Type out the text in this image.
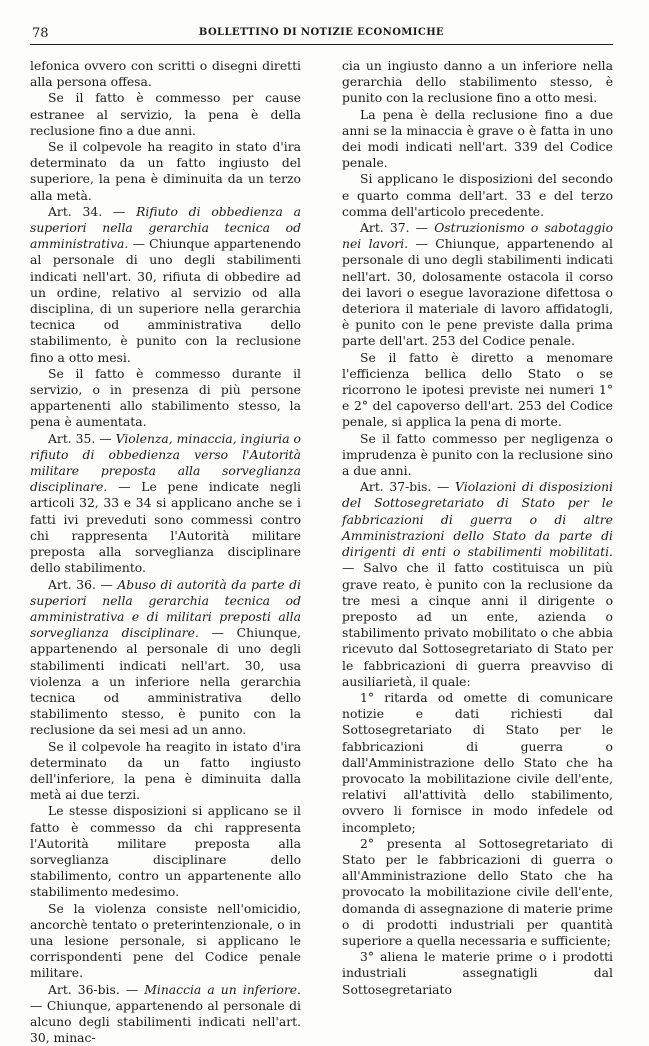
78	BOLLETTINO DI NOTIZIE ECONOMICHE

lefonica ovvero con scritti o disegni diretti alla persona offesa.

Se il fatto è commesso per cause estranee al servizio, la pena è della reclusione fino a due anni.

Se il colpevole ha reagito in stato d'ira determinato da un fatto ingiusto del superiore, la pena è diminuita da un terzo alla metà.

Art. 34. — Rifiuto di obbedienza a superiori nella gerarchia tecnica od amministrativa. — Chiunque appartenendo al personale di uno degli stabilimenti indicati nell'art. 30, rifiuta di obbedire ad un ordine, relativo al servizio od alla disciplina, di un superiore nella gerarchia tecnica od amministrativa dello stabilimento, è punito con la reclusione fino a otto mesi.

Se il fatto è commesso durante il servizio, o in presenza di più persone appartenenti allo stabilimento stesso, la pena è aumentata.

Art. 35. — Violenza, minaccia, ingiuria o rifiuto di obbedienza verso l'Autorità militare preposta alla sorveglianza disciplinare. — Le pene indicate negli articoli 32, 33 e 34 si applicano anche se i fatti ivi preveduti sono commessi contro chi rappresenta l'Autorità militare preposta alla sorveglianza disciplinare dello stabilimento.

Art. 36. — Abuso di autorità da parte di superiori nella gerarchia tecnica od amministrativa e di militari preposti alla sorveglianza disciplinare. — Chiunque, appartenendo al personale di uno degli stabilimenti indicati nell'art. 30, usa violenza a un inferiore nella gerarchia tecnica od amministrativa dello stabilimento stesso, è punito con la reclusione da sei mesi ad un anno.

Se il colpevole ha reagito in istato d'ira determinato da un fatto ingiusto dell'inferiore, la pena è diminuita dalla metà ai due terzi.

Le stesse disposizioni si applicano se il fatto è commesso da chi rappresenta l'Autorità militare preposta alla sorveglianza disciplinare dello stabilimento, contro un appartenente allo stabilimento medesimo.

Se la violenza consiste nell'omicidio, ancorchè tentato o preterintenzionale, o in una lesione personale, si applicano le corrispondenti pene del Codice penale militare.

Art. 36-bis. — Minaccia a un inferiore. — Chiunque, appartenendo al personale di alcuno degli stabilimenti indicati nell'art. 30, minac-

cia un ingiusto danno a un inferiore nella gerarchia dello stabilimento stesso, è punito con la reclusione fino a otto mesi.

La pena è della reclusione fino a due anni se la minaccia è grave o è fatta in uno dei modi indicati nell'art. 339 del Codice penale.

Si applicano le disposizioni del secondo e quarto comma dell'art. 33 e del terzo comma dell'articolo precedente.

Art. 37. — Ostruzionismo o sabotaggio nei lavori. — Chiunque, appartenendo al personale di uno degli stabilimenti indicati nell'art. 30, dolosamente ostacola il corso dei lavori o esegue lavorazione difettosa o deteriora il materiale di lavoro affidatogli, è punito con le pene previste dalla prima parte dell'art. 253 del Codice penale.

Se il fatto è diretto a menomare l'efficienza bellica dello Stato o se ricorrono le ipotesi previste nei numeri 1° e 2° del capoverso dell'art. 253 del Codice penale, si applica la pena di morte.

Se il fatto commesso per negligenza o imprudenza è punito con la reclusione sino a due anni.

Art. 37-bis. — Violazioni di disposizioni del Sottosegretariato di Stato per le fabbricazioni di guerra o di altre Amministrazioni dello Stato da parte di dirigenti di enti o stabilimenti mobilitati. — Salvo che il fatto costituisca un più grave reato, è punito con la reclusione da tre mesi a cinque anni il dirigente o preposto ad un ente, azienda o stabilimento privato mobilitato o che abbia ricevuto dal Sottosegretariato di Stato per le fabbricazioni di guerra preavviso di ausiliarietà, il quale:

1° ritarda od omette di comunicare notizie e dati richiesti dal Sottosegretariato di Stato per le fabbricazioni di guerra o dall'Amministrazione dello Stato che ha provocato la mobilitazione civile dell'ente, relativi all'attività dello stabilimento, ovvero li fornisce in modo infedele od incompleto;

2° presenta al Sottosegretariato di Stato per le fabbricazioni di guerra o all'Amministrazione dello Stato che ha provocato la mobilitazione civile dell'ente, domanda di assegnazione di materie prime o di prodotti industriali per quantità superiore a quella necessaria e sufficiente;

3° aliena le materie prime o i prodotti industriali assegnatigli dal Sottosegretariato
